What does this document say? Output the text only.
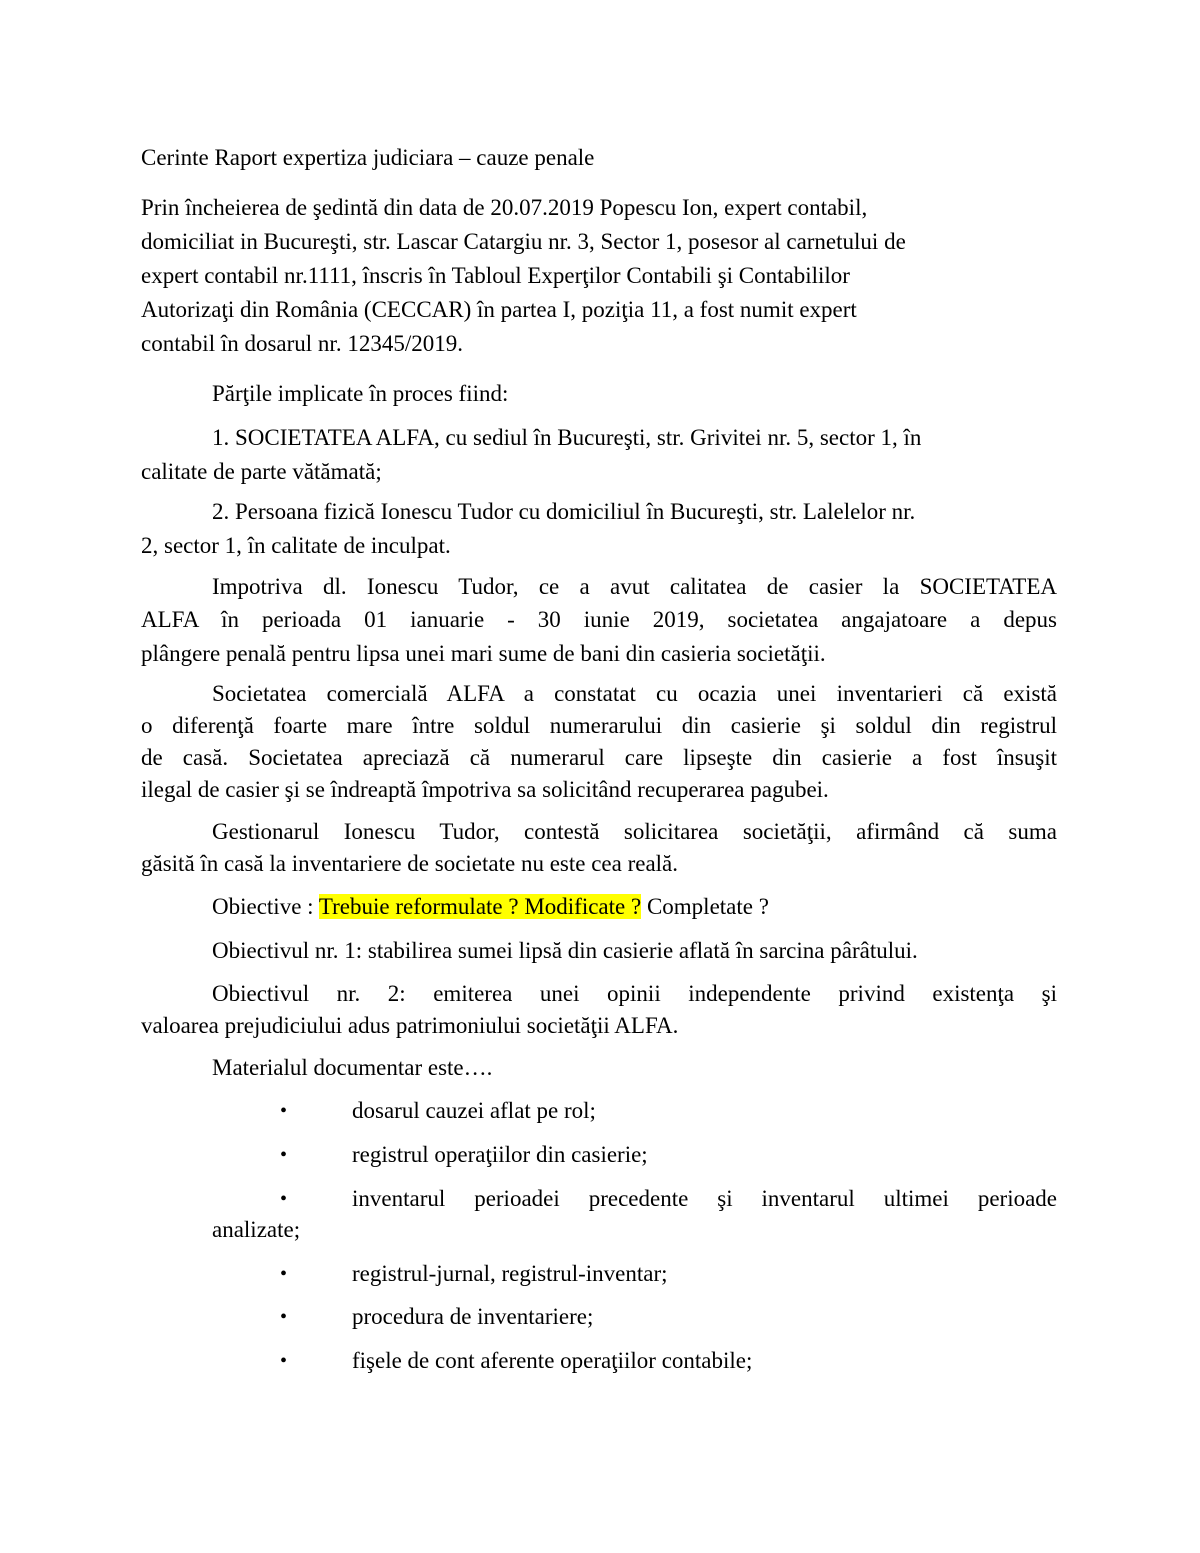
Cerinte Raport expertiza judiciara – cauze penale
Prin încheierea de şedintă din data de 20.07.2019 Popescu Ion, expert contabil,
domiciliat in Bucureşti, str. Lascar Catargiu nr. 3, Sector 1, posesor al carnetului de
expert contabil nr.1111, înscris în Tabloul Experţilor Contabili şi Contabililor
Autorizaţi din România (CECCAR) în partea I, poziţia 11, a fost numit expert
contabil în dosarul nr. 12345/2019.
Părţile implicate în proces fiind:
1. SOCIETATEA ALFA, cu sediul în Bucureşti, str. Grivitei nr. 5, sector 1, în
calitate de parte vătămată;
2. Persoana fizică Ionescu Tudor cu domiciliul în Bucureşti, str. Lalelelor nr.
2, sector 1, în calitate de inculpat.
Impotriva dl. Ionescu Tudor, ce a avut calitatea de casier la SOCIETATEA
ALFA în perioada 01 ianuarie - 30 iunie 2019, societatea angajatoare a depus
plângere penală pentru lipsa unei mari sume de bani din casieria societăţii.
Societatea comercială ALFA a constatat cu ocazia unei inventarieri că există
o diferenţă foarte mare între soldul numerarului din casierie şi soldul din registrul
de casă. Societatea apreciază că numerarul care lipseşte din casierie a fost însuşit
ilegal de casier şi se îndreaptă împotriva sa solicitând recuperarea pagubei.
Gestionarul Ionescu Tudor, contestă solicitarea societăţii, afirmând că suma
găsită în casă la inventariere de societate nu este cea reală.
Obiective : Trebuie reformulate ? Modificate ? Completate ?
Obiectivul nr. 1: stabilirea sumei lipsă din casierie aflată în sarcina pârâtului.
Obiectivul nr. 2: emiterea unei opinii independente privind existenţa şi
valoarea prejudiciului adus patrimoniului societăţii ALFA.
Materialul documentar este….
•	dosarul cauzei aflat pe rol;
•	registrul operaţiilor din casierie;
•	inventarul perioadei precedente şi inventarul ultimei perioade
analizate;
•	registrul-jurnal, registrul-inventar;
•	procedura de inventariere;
•	fişele de cont aferente operaţiilor contabile;
